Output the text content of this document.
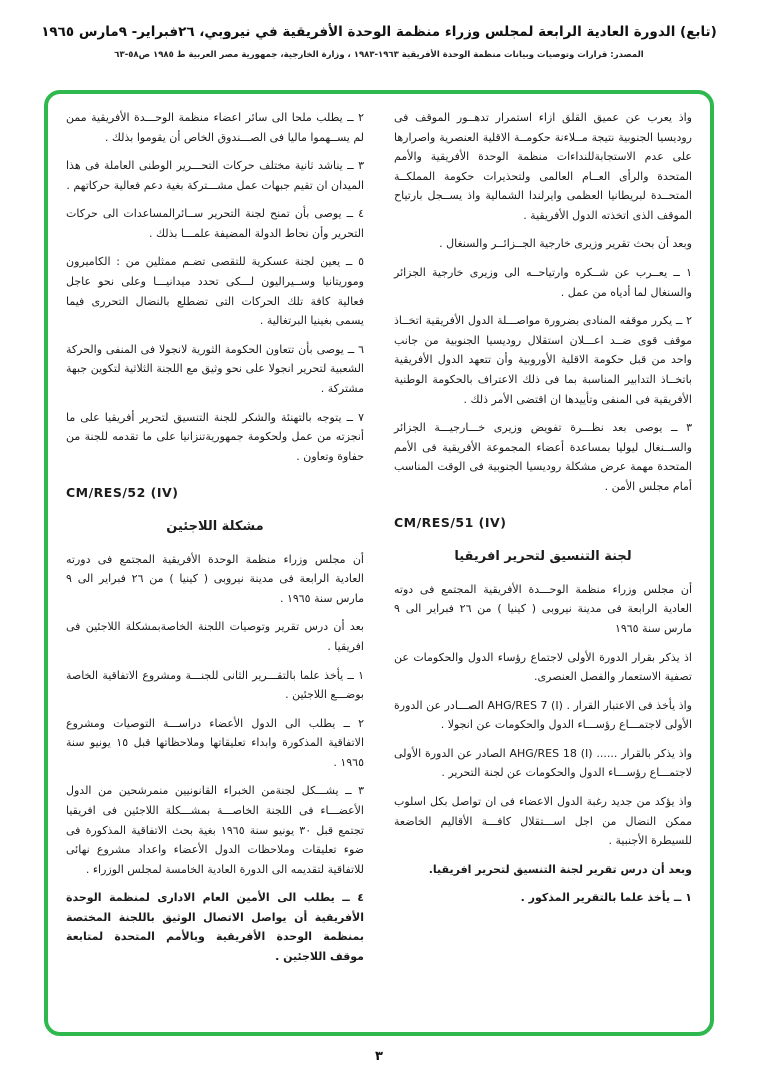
(تابع) الدورة العادية الرابعة لمجلس وزراء منظمة الوحدة الأفريقية في نيروبي، ٢٦فبراير- ٩مارس ١٩٦٥
المصدر: قرارات وتوصيات وبيانات منظمة الوحدة الأفريقية ١٩٦٣-١٩٨٣ ، وزارة الخارجية، جمهورية مصر العربية ط ١٩٨٥ ص٥٨-٦٣
واذ يعرب عن عميق القلق ازاء استمرار تدهــور الموقف فى روديسيا الجنوبية نتيجة مــلاءنة حكومــة الاقلية العنصرية واصرارها على عدم الاستجابةللنداءات منظمة الوحدة الأفريقية والأمم المتحدة والرأى العــام العالمى ولتحذيرات حكومة المملكــة المتحــدة لبريطانيا العظمى وايرلندا الشمالية واذ يســجل بارتياح الموقف الذى اتخذته الدول الأفريقية .
وبعد أن بحث تقرير وزيرى خارجية الجــزائــر والسنغال .
١ ــ يعــرب عن شــكره وارتياحــه الى وزيرى خارجية الجزائر والسنغال لما أدياه من عمل .
٢ ــ يكرر موقفه المنادى بضرورة مواصـــلة الدول الأفريقية اتخــاذ موقف قوى ضــد اعـــلان استقلال روديسيا الجنوبية من جانب واحد من قبل حكومة الاقلية الأوروبية وأن تتعهد الدول الأفريقية باتخــاذ التدابير المناسبة بما فى ذلك الاعتراف بالحكومة الوطنية الأفريقية فى المنفى وتأييدها ان اقتضى الأمر ذلك .
٣ ــ يوصى بعد نظـــرة تفويض وزيرى خـــارجيـــة الجزائر والســنغال ليوليا بمساعدة أعضاء المجموعة الأفريقية فى الأمم المتحدة مهمة عرض مشكلة روديسيا الجنوبية فى الوقت المناسب أمام مجلس الأمن .
CM/RES/51 (IV)
لجنة التنسيق لتحرير افريقيا
أن مجلس وزراء منظمة الوحـــدة الأفريقية المجتمع فى دوته العادية الرابعة فى مدينة نيروبى ( كينيا ) من ٢٦ فبراير الى ٩ مارس سنة ١٩٦٥
اذ يذكر بقرار الدورة الأولى لاجتماع رؤساء الدول والحكومات عن تصفية الاستعمار والفصل العنصرى.
واذ يأخذ فى الاعتبار القرار . AHG/RES 7 (I) الصـــادر عن الدورة الأولى لاجتمـــاع رؤســـاء الدول والحكومات عن انجولا .
واذ يذكر بالقرار ...... AHG/RES 18 (I) الصادر عن الدورة الأولى لاجتمـــاع رؤســـاء الدول والحكومات عن لجنة التحرير .
واذ يؤكد من جديد رغبة الدول الاعضاء فى ان تواصل بكل اسلوب ممكن النضال من اجل اســـتقلال كافـــة الأقاليم الخاضعة للسيطرة الأجنبية .
وبعد أن درس تقرير لجنة التنسيق لتحرير افريقيا.
١ ــ يأخذ علما بالتقرير المذكور .
٢ ــ يطلب ملحا الى سائر اعضاء منظمة الوحـــدة الأفريقية ممن لم يســهموا ماليا فى الصـــندوق الخاص أن يقوموا بذلك .
٣ ــ يناشد ثانية مختلف حركات التحـــرير الوطنى العاملة فى هذا الميدان ان تقيم جبهات عمل مشـــتركة بغية دعم فعالية حركاتهم .
٤ ــ يوصى بأن تمنح لجنة التحرير ســائرالمساعدات الى حركات التحرير وأن نحاط الدولة المضيفة علمـــا بذلك .
٥ ــ يعين لجنة عسكرية للتقصى تضـم ممثلين من : الكاميرون وموريتانيا وســيراليون لـــكى تحدد ميدانيـــا وعلى نحو عاجل فعالية كافة تلك الحركات التى تضطلع بالنضال التحررى فيما يسمى بغينيا البرتغالية .
٦ ــ يوصى بأن تتعاون الحكومة الثورية لانجولا فى المنفى والحركة الشعبية لتحرير انجولا على نحو وثيق مع اللجنة الثلاثية لتكوين جبهة مشتركة .
٧ ــ يتوجه بالتهنئة والشكر للجنة التنسيق لتحرير أفريقيا على ما أنجزته من عمل ولحكومة جمهوريةتنزانيا على ما تقدمه للجنة من حفاوة وتعاون .
CM/RES/52 (IV)
مشكلة اللاجئين
أن مجلس وزراء منظمة الوحدة الأفريقية المجتمع فى دورته العادية الرابعة فى مدينة نيروبى ( كينيا ) من ٢٦ فبراير الى ٩ مارس سنة ١٩٦٥ .
بعد أن درس تقرير وتوصيات اللجنة الخاصةبمشكلة اللاجئين فى افريقيا .
١ ــ يأخذ علما بالتقـــرير الثانى للجنـــة ومشروع الاتفاقية الخاصة بوضـــع اللاجئين .
٢ ــ يطلب الى الدول الأعضاء دراســـة التوصيات ومشروع الاتفاقية المذكورة وابداء تعليقاتها وملاحظاتها قبل ١٥ يونيو سنة ١٩٦٥ .
٣ ــ يشـــكل لجنةمن الخبراء القانونيين منمرشحين من الدول الأعضـــاء فى اللجنة الخاصـــة بمشـــكلة اللاجئين فى افريقيا تجتمع قبل ٣٠ يونيو سنة ١٩٦٥ بغية بحث الاتفاقية المذكورة فى ضوء تعليقات وملاحظات الدول الأعضاء واعداد مشروع نهائى للاتفاقية لتقديمه الى الدورة العادية الخامسة لمجلس الوزراء .
٤ ــ يطلب الى الأمين العام الادارى لمنظمة الوحدة الأفريقية أن يواصل الاتصال الوثيق باللجنة المختصة بمنظمة الوحدة الأفريقية وبالأمم المتحدة لمتابعة موقف اللاجئين .
٣
